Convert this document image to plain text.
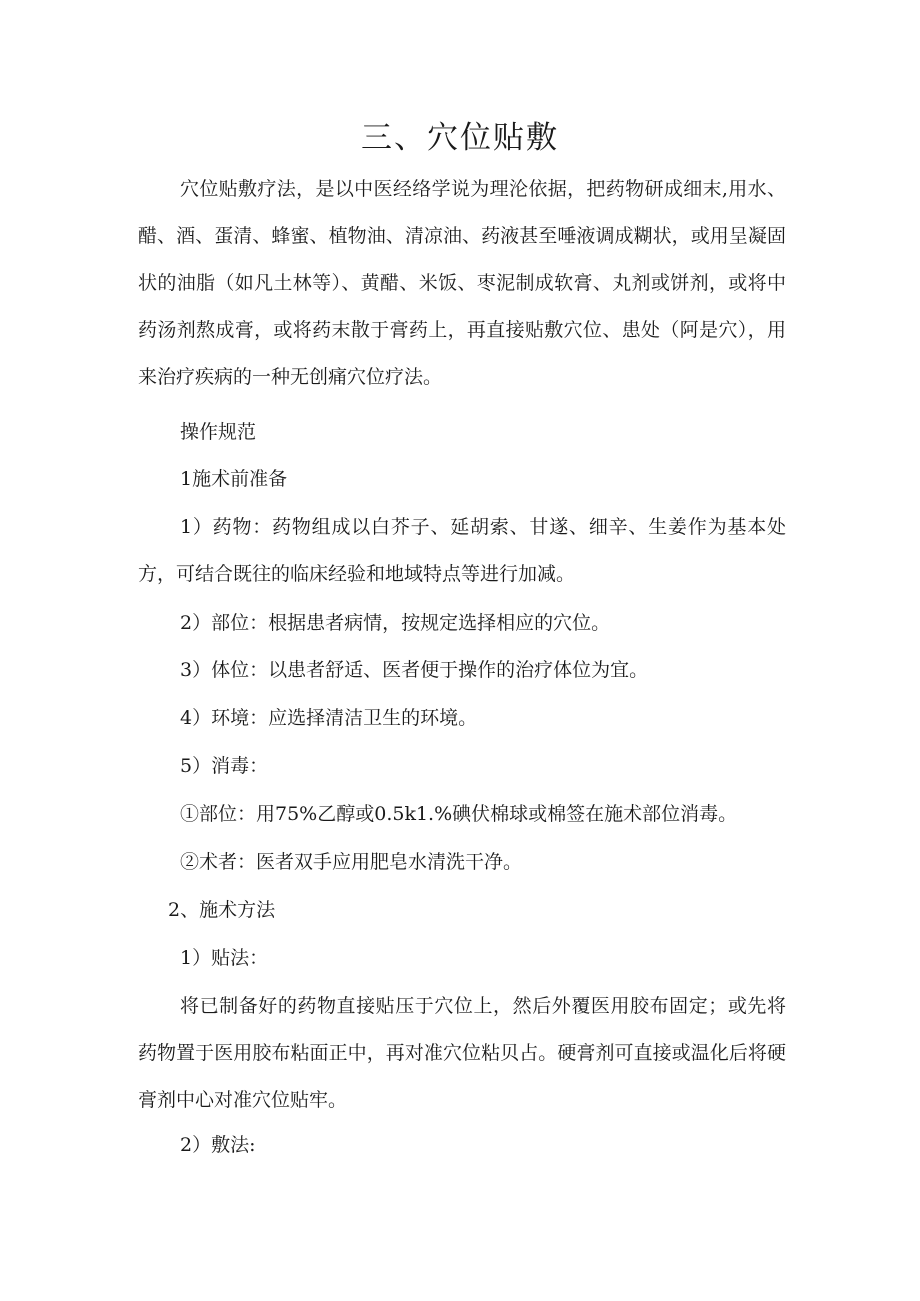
三、穴位贴敷

穴位贴敷疗法，是以中医经络学说为理沦依据，把药物研成细末,用水、醋、酒、蛋清、蜂蜜、植物油、清凉油、药液甚至唾液调成糊状，或用呈凝固状的油脂（如凡土林等）、黄醋、米饭、枣泥制成软膏、丸剂或饼剂，或将中药汤剂熬成膏，或将药末散于膏药上，再直接贴敷穴位、患处（阿是穴），用来治疗疾病的一种无创痛穴位疗法。

操作规范

1施术前准备

1）药物：药物组成以白芥子、延胡索、甘遂、细辛、生姜作为基本处方，可结合既往的临床经验和地域特点等进行加减。

2）部位：根据患者病情，按规定选择相应的穴位。

3）体位：以患者舒适、医者便于操作的治疗体位为宜。

4）环境：应选择清洁卫生的环境。

5）消毒：

①部位：用75%乙醇或0.5k1.%碘伏棉球或棉签在施术部位消毒。

②术者：医者双手应用肥皂水清洗干净。

2、施术方法

1）贴法：

将已制备好的药物直接贴压于穴位上，然后外覆医用胶布固定；或先将药物置于医用胶布粘面正中，再对准穴位粘贝占。硬膏剂可直接或温化后将硬膏剂中心对准穴位贴牢。

2）敷法:
